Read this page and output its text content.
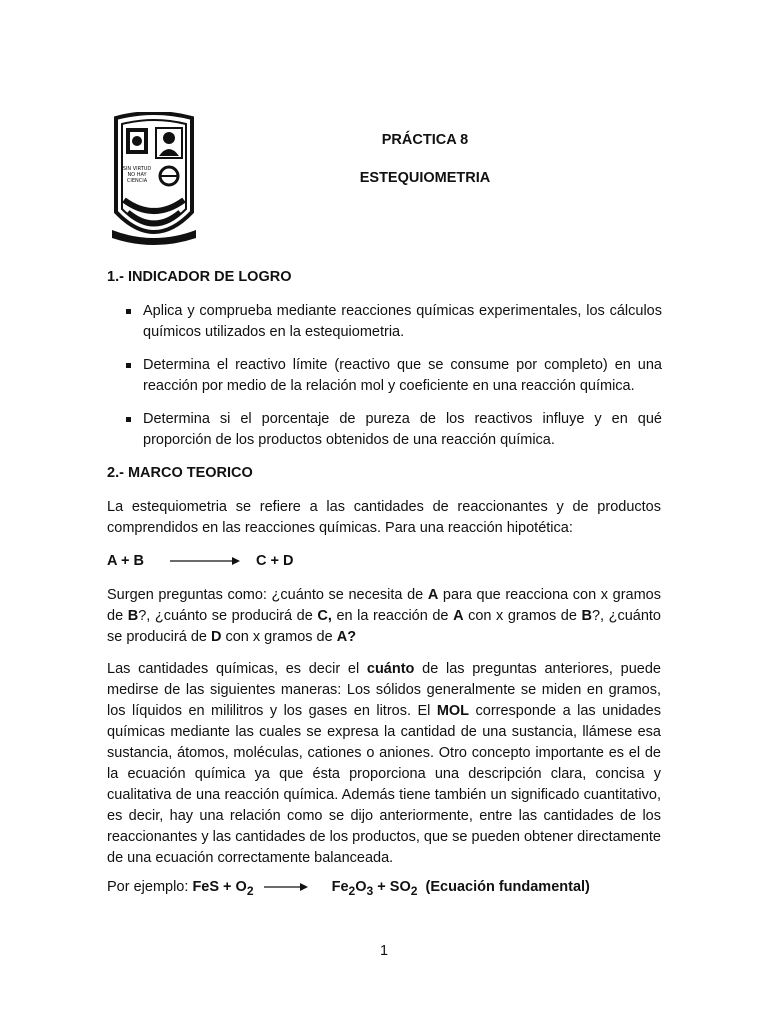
SIN VIRTUD
NO HAY
CIENCIA
PRÁCTICA 8
ESTEQUIOMETRIA
1.- INDICADOR DE LOGRO
Aplica y comprueba mediante reacciones químicas experimentales, los cálculos químicos utilizados en la estequiometria.
Determina el reactivo límite (reactivo que se consume por completo) en una reacción por medio de la relación mol y coeficiente en una reacción química.
Determina si el porcentaje de pureza de los reactivos influye y en qué proporción de los productos obtenidos de una reacción química.
2.- MARCO TEORICO

La estequiometria se refiere a las cantidades de reaccionantes y de productos comprendidos en las reacciones químicas. Para una reacción hipotética:

A + B	C + D

Surgen preguntas como: ¿cuánto se necesita de A para que reacciona con x gramos de B?, ¿cuánto se producirá de C, en la reacción de A con x gramos de B?, ¿cuánto se producirá de D con x gramos de A?

Las cantidades químicas, es decir el cuánto de las preguntas anteriores, puede medirse de las siguientes maneras: Los sólidos generalmente se miden en gramos, los líquidos en mililitros y los gases en litros. El MOL corresponde a las unidades químicas mediante las cuales se expresa la cantidad de una sustancia, llámese esa sustancia, átomos, moléculas, cationes o aniones. Otro concepto importante es el de la ecuación química ya que ésta proporciona una descripción clara, concisa y cualitativa de una reacción química. Además tiene también un significado cuantitativo, es decir, hay una relación como se dijo anteriormente, entre las cantidades de los reaccionantes y las cantidades de los productos, que se pueden obtener directamente de una ecuación correctamente balanceada.

Por ejemplo: FeS + $O_2$	$Fe_2O_3 + SO_2$  (Ecuación fundamental)
1
